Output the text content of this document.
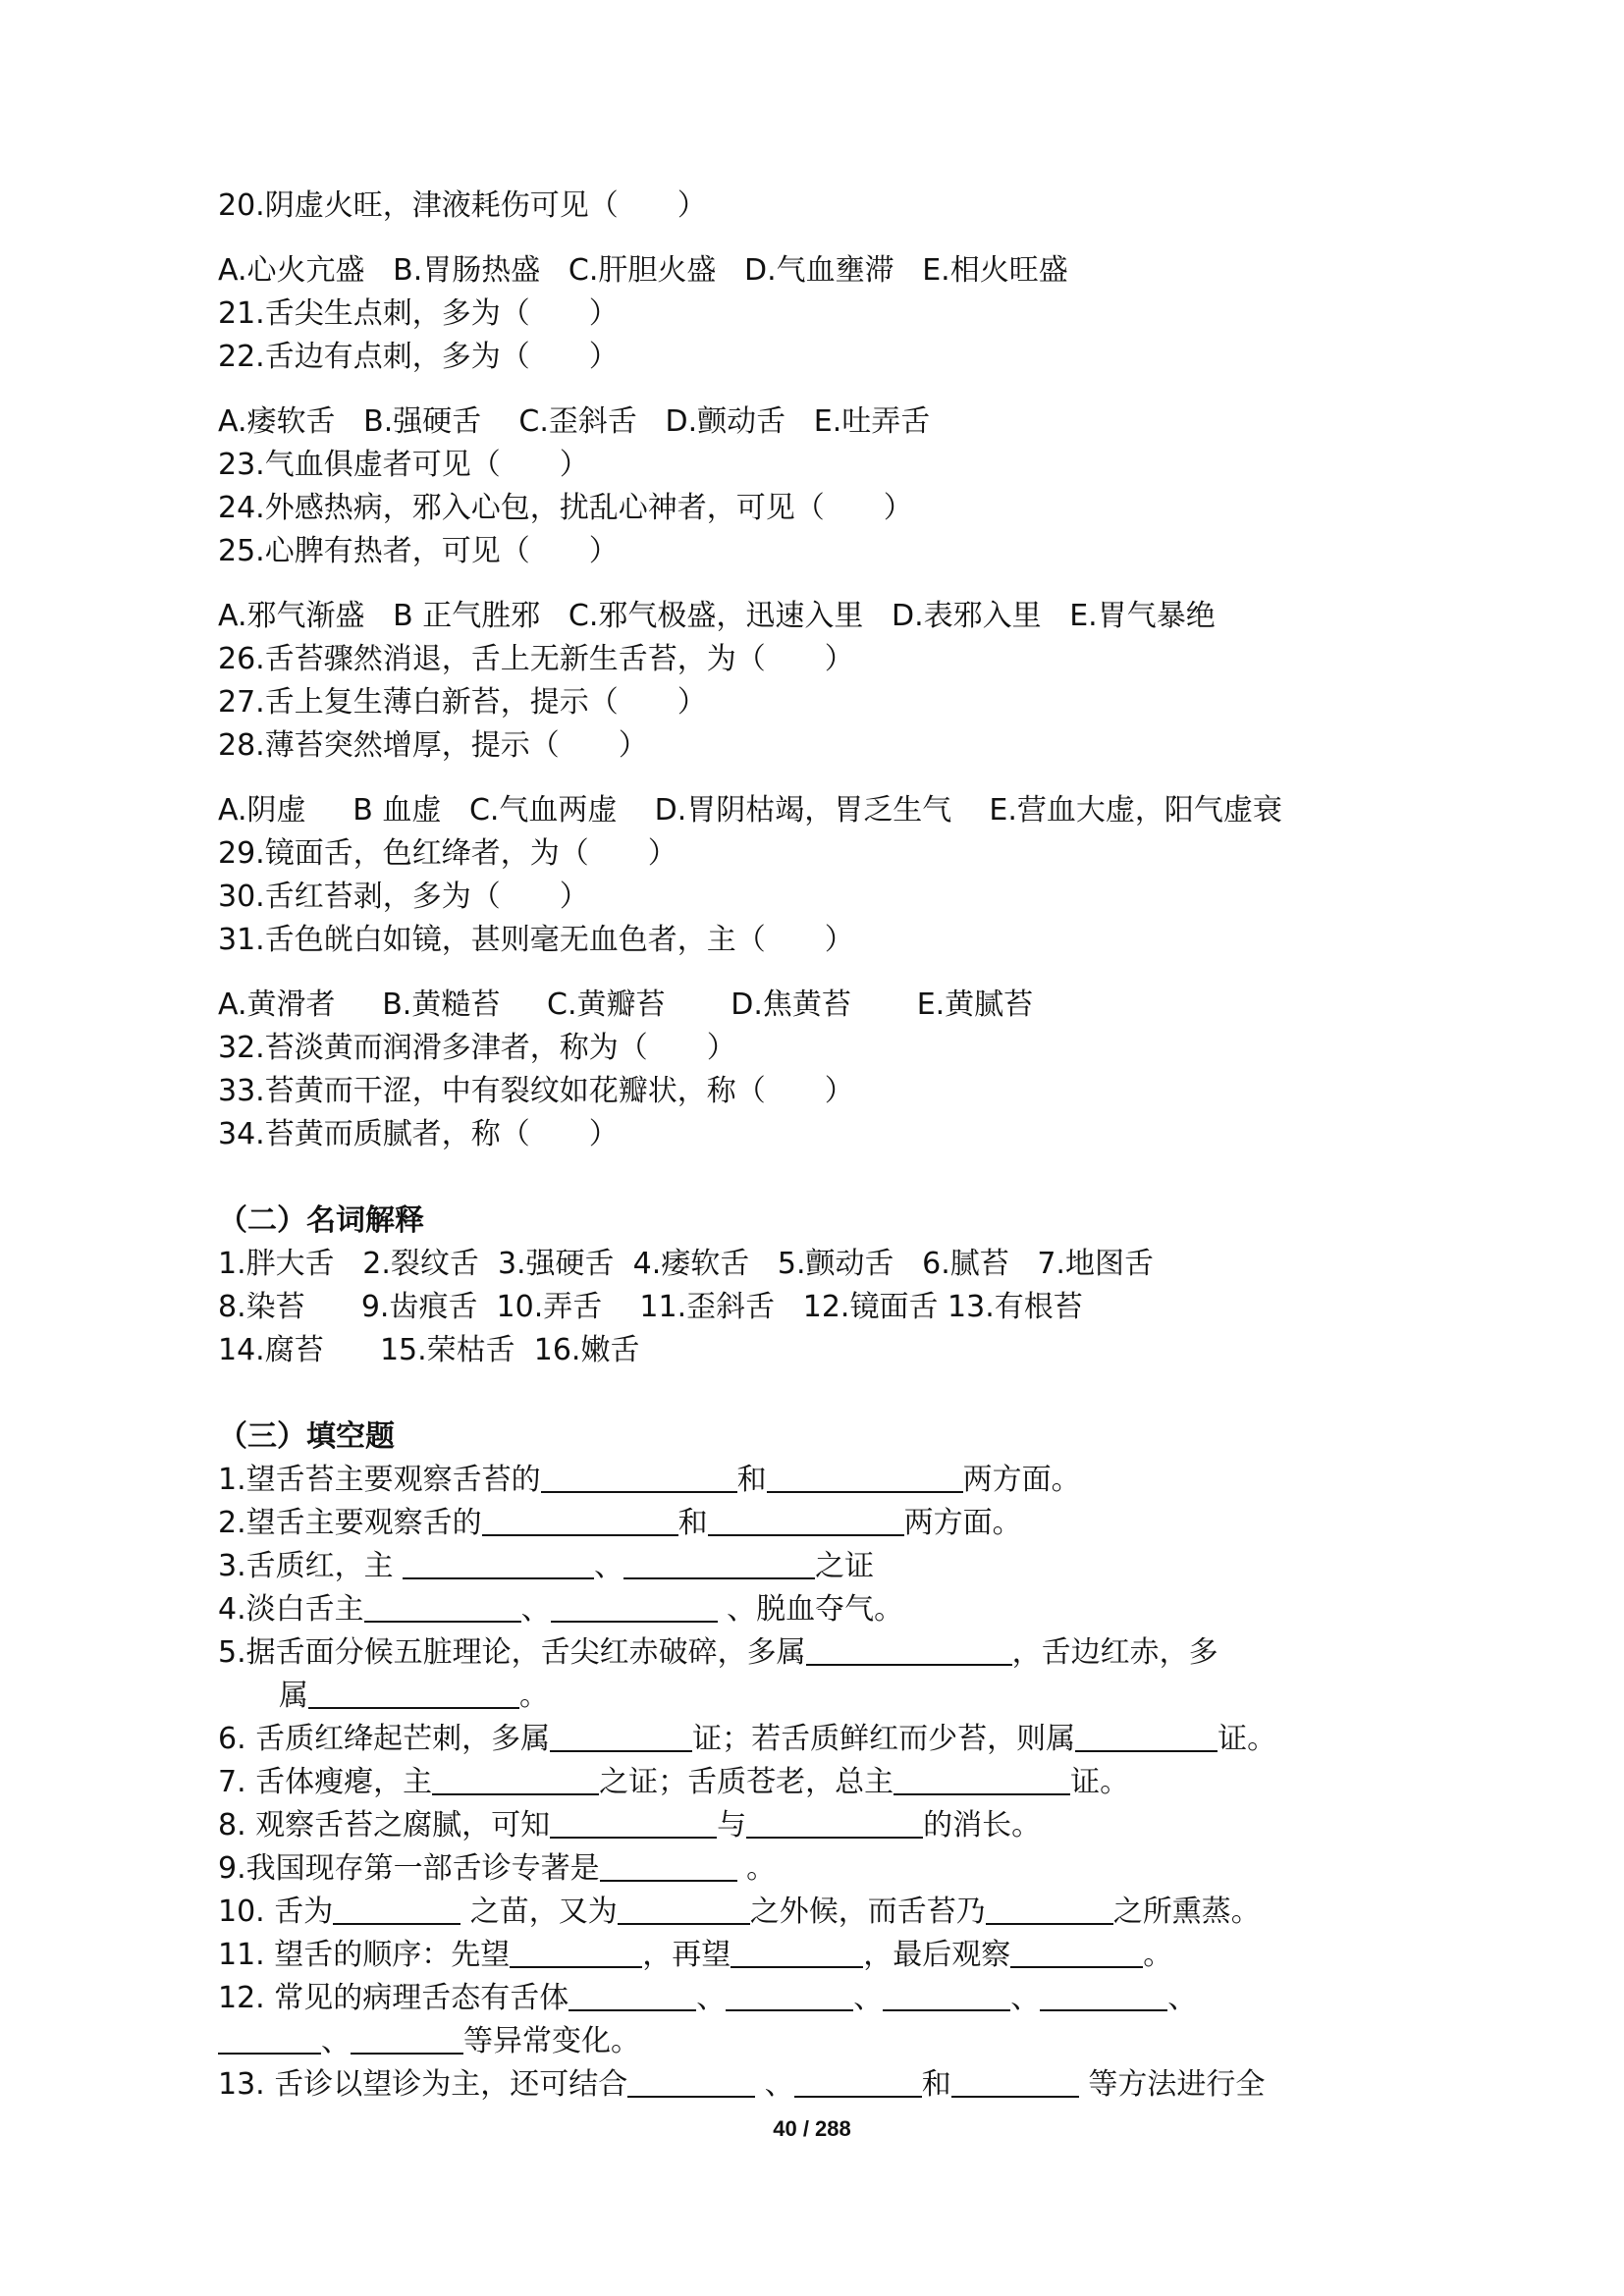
20.阴虚火旺，津液耗伤可见（　　）

A.心火亢盛 B.胃肠热盛 C.肝胆火盛 D.气血壅滞 E.相火旺盛

21.舌尖生点刺，多为（　　）

22.舌边有点刺，多为（　　）

A.痿软舌 B.强硬舌 C.歪斜舌 D.颤动舌 E.吐弄舌

23.气血俱虚者可见（　　）

24.外感热病，邪入心包，扰乱心神者，可见（　　）

25.心脾有热者，可见（　　）

A.邪气渐盛 B 正气胜邪 C.邪气极盛，迅速入里 D.表邪入里 E.胃气暴绝

26.舌苔骤然消退，舌上无新生舌苔，为（　　）

27.舌上复生薄白新苔，提示（　　）

28.薄苔突然增厚，提示（　　）

A.阴虚 B 血虚 C.气血两虚 D.胃阴枯竭，胃乏生气 E.营血大虚，阳气虚衰

29.镜面舌，色红绛者，为（　　）

30.舌红苔剥，多为（　　）

31.舌色㿠白如镜，甚则毫无血色者，主（　　）

A.黄滑者 B.黄糙苔 C.黄瓣苔 D.焦黄苔 E.黄腻苔

32.苔淡黄而润滑多津者，称为（　　）

33.苔黄而干涩，中有裂纹如花瓣状，称（　　）

34.苔黄而质腻者，称（　　）

（二）名词解释

1.胖大舌 2.裂纹舌 3.强硬舌 4.痿软舌 5.颤动舌 6.腻苔 7.地图舌

8.染苔 9.齿痕舌 10.弄舌 11.歪斜舌 12.镜面舌 13.有根苔

14.腐苔 15.荣枯舌 16.嫩舌

（三）填空题

1.望舌苔主要观察舌苔的	和	两方面。

2.望舌主要观察舌的	和	两方面。

3.舌质红，主	、	之证

4.淡白舌主	、	、脱血夺气。

5.据舌面分候五脏理论，舌尖红赤破碎，多属	，舌边红赤，多

属	。

6. 舌质红绛起芒刺，多属	证；若舌质鲜红而少苔，则属	证。

7. 舌体瘦瘪，主	之证；舌质苍老，总主	证。

8. 观察舌苔之腐腻，可知	与	的消长。

9.我国现存第一部舌诊专著是	。

10. 舌为	之苗，又为	之外候，而舌苔乃	之所熏蒸。

11. 望舌的顺序：先望	，再望	，最后观察	。

12. 常见的病理舌态有舌体	、	、	、	、

、	等异常变化。

13. 舌诊以望诊为主，还可结合	、	和	等方法进行全

40 / 288
